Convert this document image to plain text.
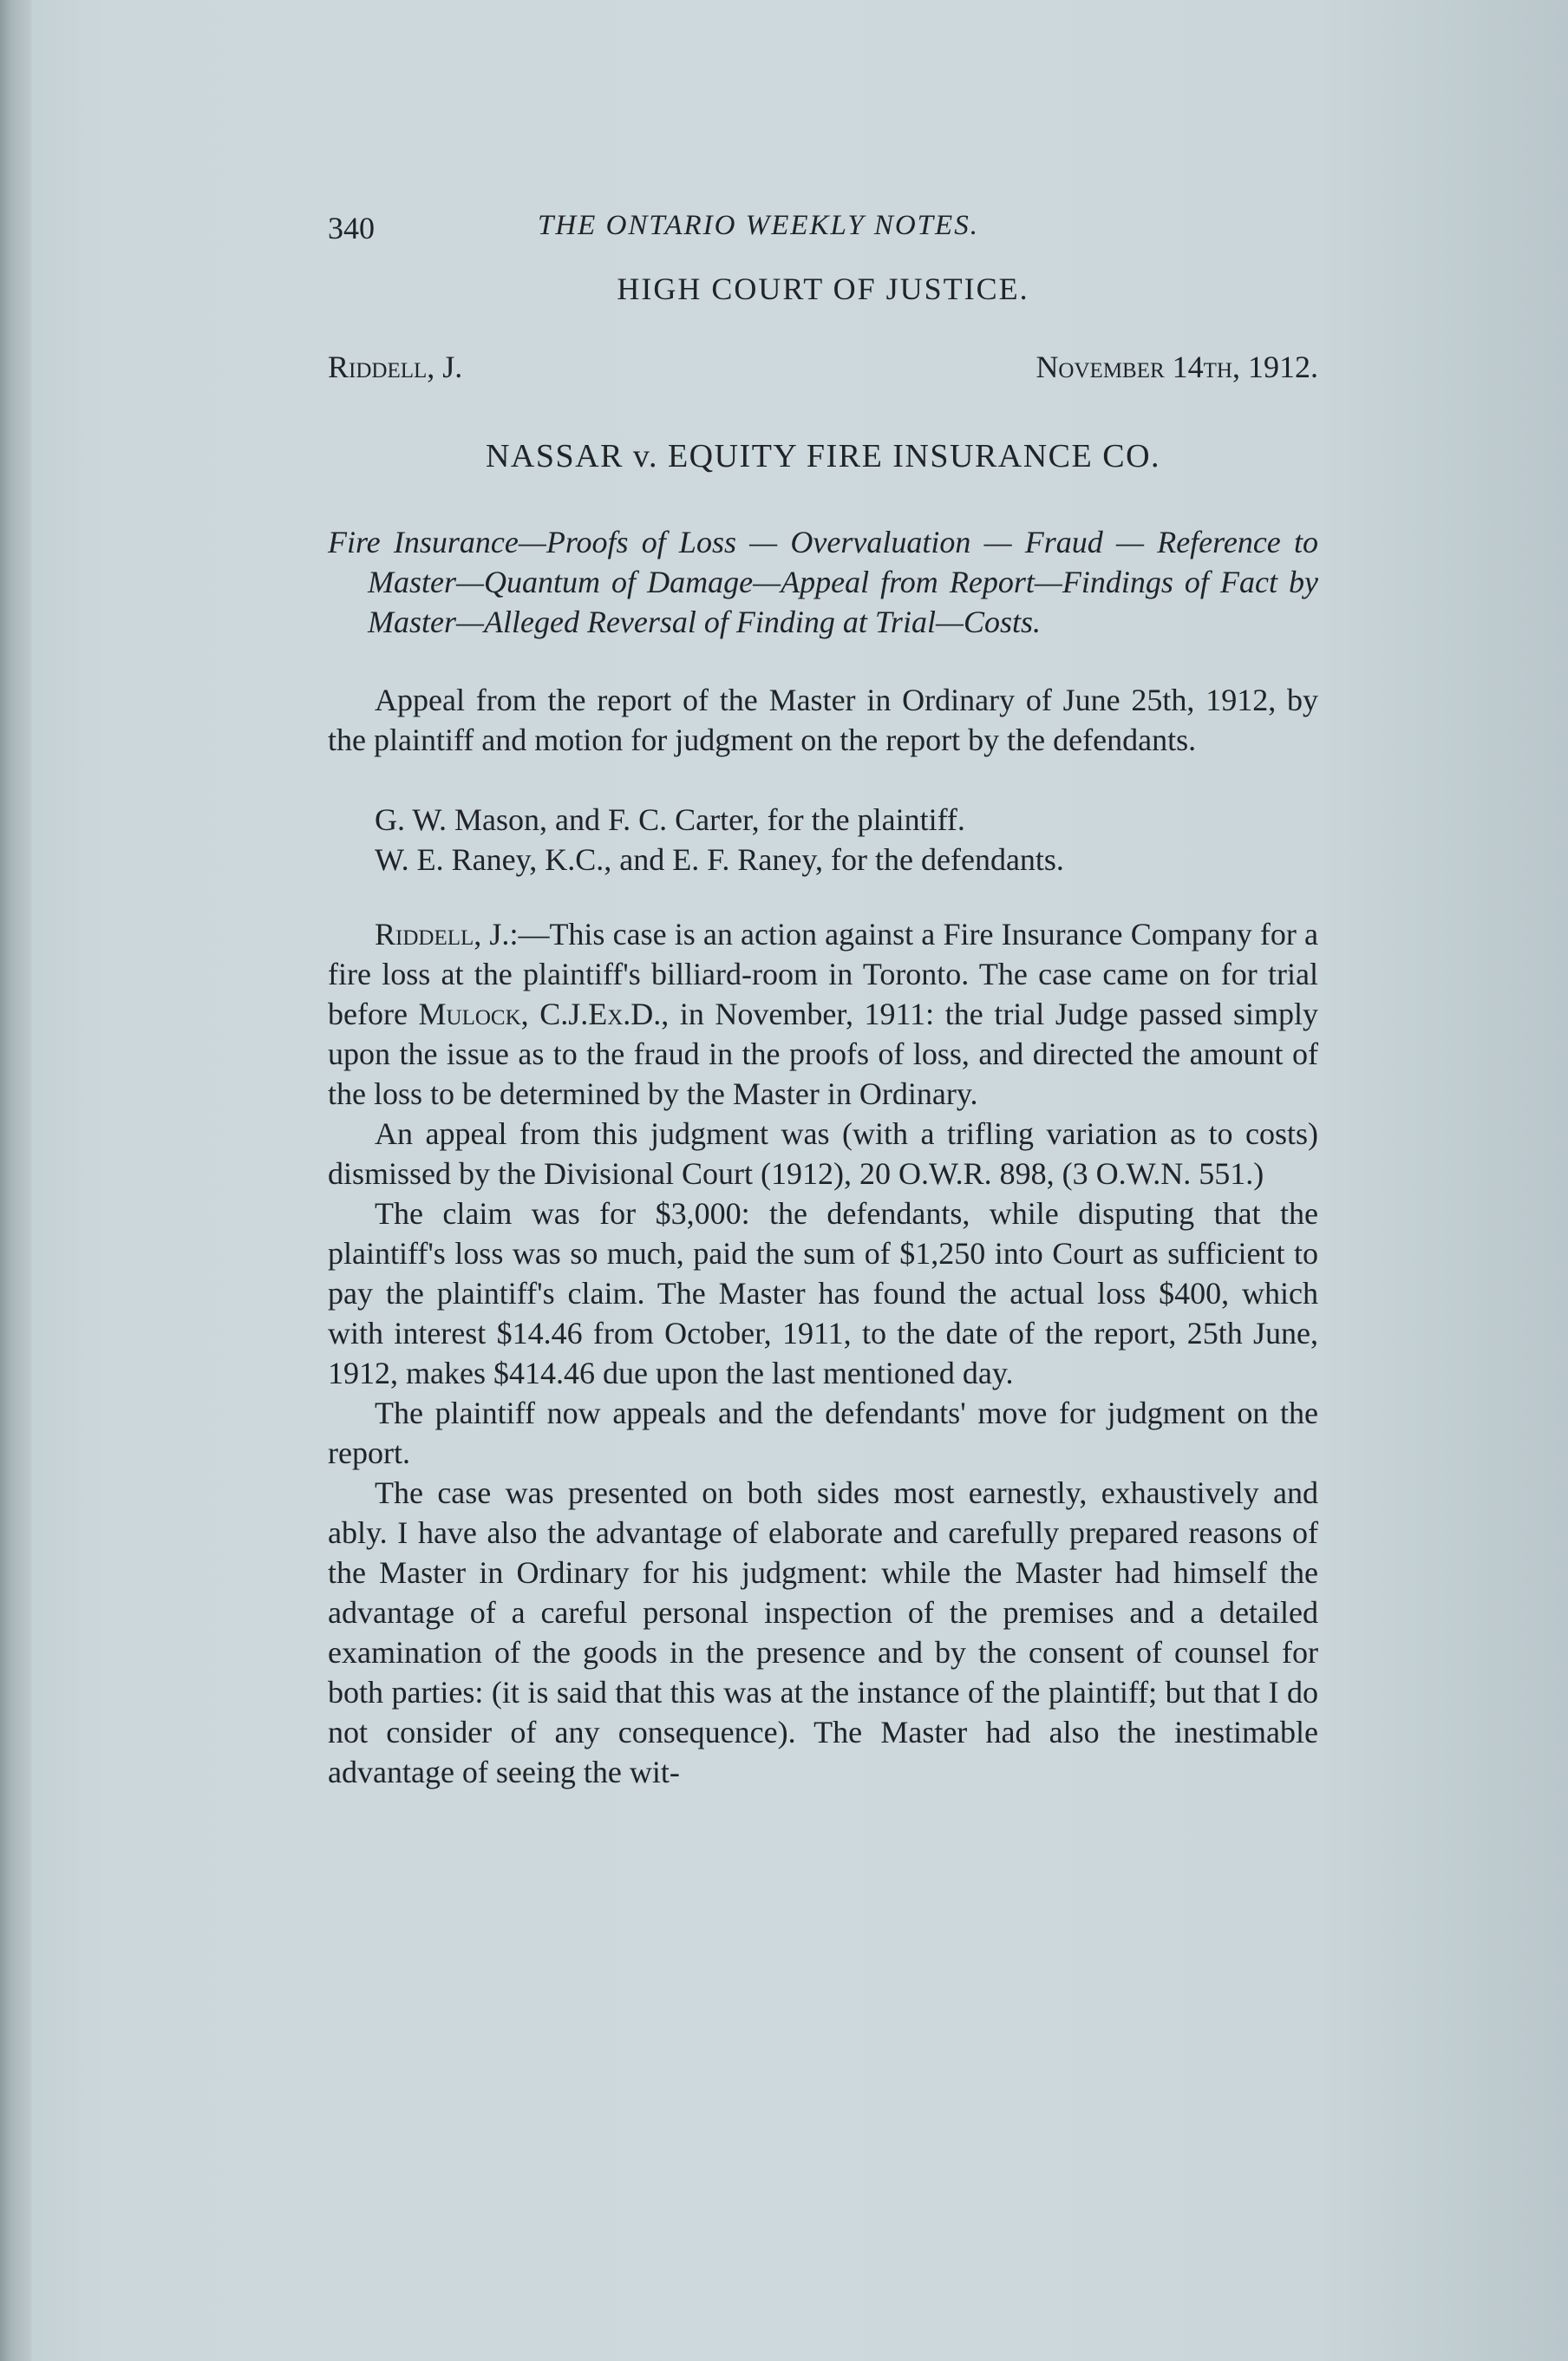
340	THE ONTARIO WEEKLY NOTES.
HIGH COURT OF JUSTICE.
Riddell, J.	November 14th, 1912.
NASSAR v. EQUITY FIRE INSURANCE CO.
Fire Insurance—Proofs of Loss — Overvaluation — Fraud — Reference to Master—Quantum of Damage—Appeal from Report—Findings of Fact by Master—Alleged Reversal of Finding at Trial—Costs.

Appeal from the report of the Master in Ordinary of June 25th, 1912, by the plaintiff and motion for judgment on the report by the defendants.

G. W. Mason, and F. C. Carter, for the plaintiff.

W. E. Raney, K.C., and E. F. Raney, for the defendants.

Riddell, J.:—This case is an action against a Fire Insurance Company for a fire loss at the plaintiff's billiard-room in Toronto. The case came on for trial before Mulock, C.J.Ex.D., in November, 1911: the trial Judge passed simply upon the issue as to the fraud in the proofs of loss, and directed the amount of the loss to be determined by the Master in Ordinary.

An appeal from this judgment was (with a trifling variation as to costs) dismissed by the Divisional Court (1912), 20 O.W.R. 898, (3 O.W.N. 551.)

The claim was for $3,000: the defendants, while disputing that the plaintiff's loss was so much, paid the sum of $1,250 into Court as sufficient to pay the plaintiff's claim. The Master has found the actual loss $400, which with interest $14.46 from October, 1911, to the date of the report, 25th June, 1912, makes $414.46 due upon the last mentioned day.

The plaintiff now appeals and the defendants' move for judgment on the report.

The case was presented on both sides most earnestly, exhaustively and ably. I have also the advantage of elaborate and carefully prepared reasons of the Master in Ordinary for his judgment: while the Master had himself the advantage of a careful personal inspection of the premises and a detailed examination of the goods in the presence and by the consent of counsel for both parties: (it is said that this was at the instance of the plaintiff; but that I do not consider of any consequence). The Master had also the inestimable advantage of seeing the wit-
